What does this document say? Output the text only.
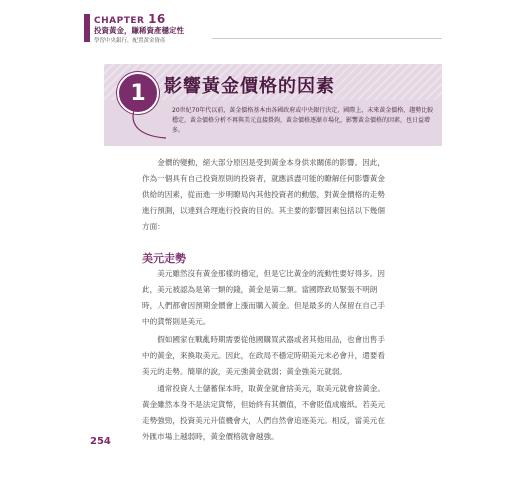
CHAPTER 16
投資黃金，賺稀資產穩定性
學習中央銀行，配置黃金資產
1	影響黃金價格的因素
20世紀70年代以前，黃金價格基本由各國政府或中央銀行決定，國際上，未來黃金價格，趨勢比較穩定，黃金價格分析不再與美元直接掛鉤，黃金價格逐漸市場化，影響黃金價格的因素，也日益增多。

金價的變動，絕大部分原因是受到黃金本身供求關係的影響。因此，作為一個具有自己投資原則的投資者，就應該盡可能的瞭解任何影響黃金供給的因素，從而進一步明瞭局內其他投資者的動態，對黃金價格的走勢進行預測，以達到合理進行投資的目的。其主要的影響因素包括以下幾個方面：

美元走勢

美元雖然沒有黃金那樣的穩定，但是它比黃金的流動性要好得多。因此，美元被認為是第一類的錢，黃金是第二類。當國際政局緊張不明朗時，人們都會因預期金價會上漲而購入黃金。但是最多的人保留在自己手中的貨幣則是美元。

假如國家在戰亂時期需要從他國購買武器或者其他用品，也會出售手中的黃金，來換取美元。因此，在政局不穩定時期美元未必會升，還要看美元的走勢。簡單的說，美元強黃金就弱；黃金強美元就弱。

通常投資人士儲蓄保本時，取黃金就會捨美元，取美元就會捨黃金。黃金雖然本身不是法定貨幣，但始終有其價值，不會貶值成廢紙。若美元走勢強勁，投資美元升值機會大，人們自然會追逐美元。相反，當美元在外匯市場上越弱時，黃金價格就會越強。

254
